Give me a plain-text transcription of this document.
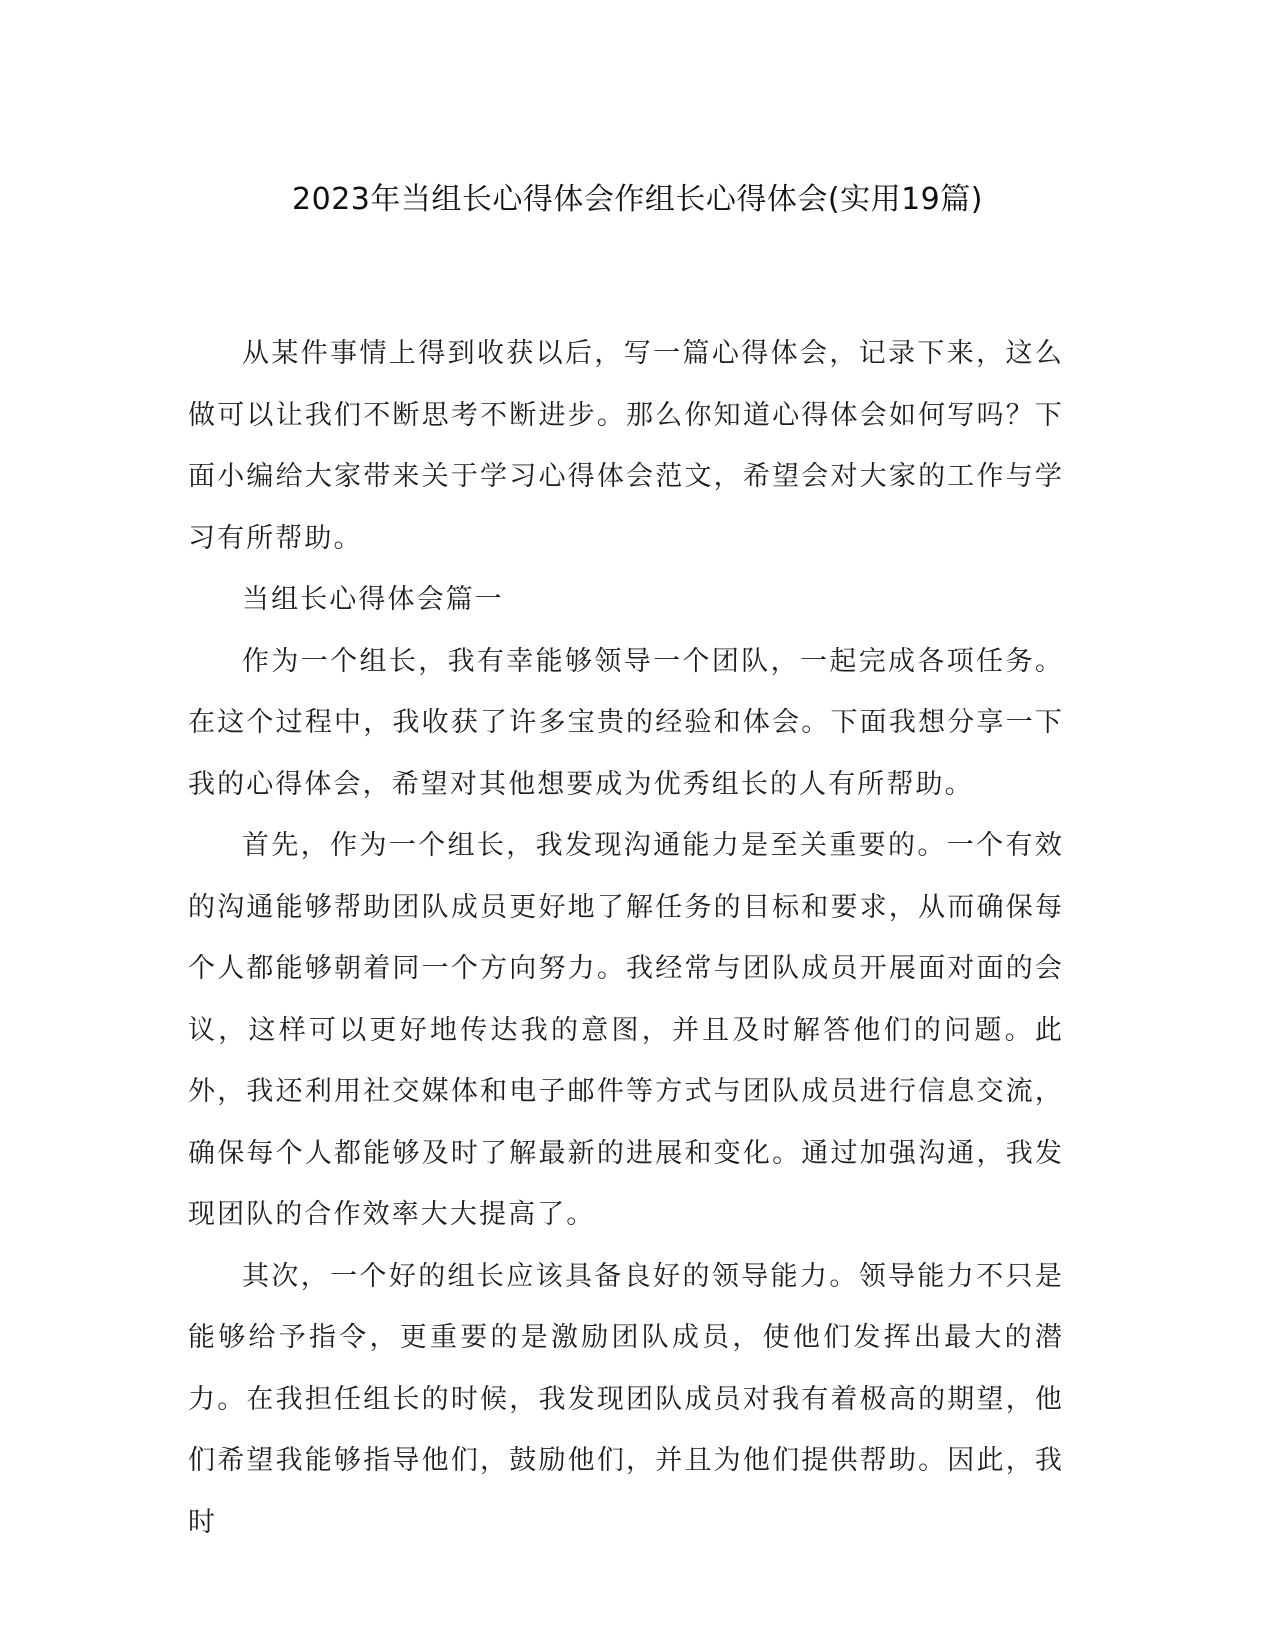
2023年当组长心得体会作组长心得体会(实用19篇)

从某件事情上得到收获以后，写一篇心得体会，记录下来，这么做可以让我们不断思考不断进步。那么你知道心得体会如何写吗？下面小编给大家带来关于学习心得体会范文，希望会对大家的工作与学习有所帮助。

当组长心得体会篇一

作为一个组长，我有幸能够领导一个团队，一起完成各项任务。在这个过程中，我收获了许多宝贵的经验和体会。下面我想分享一下我的心得体会，希望对其他想要成为优秀组长的人有所帮助。

首先，作为一个组长，我发现沟通能力是至关重要的。一个有效的沟通能够帮助团队成员更好地了解任务的目标和要求，从而确保每个人都能够朝着同一个方向努力。我经常与团队成员开展面对面的会议，这样可以更好地传达我的意图，并且及时解答他们的问题。此外，我还利用社交媒体和电子邮件等方式与团队成员进行信息交流，确保每个人都能够及时了解最新的进展和变化。通过加强沟通，我发现团队的合作效率大大提高了。

其次，一个好的组长应该具备良好的领导能力。领导能力不只是能够给予指令，更重要的是激励团队成员，使他们发挥出最大的潜力。在我担任组长的时候，我发现团队成员对我有着极高的期望，他们希望我能够指导他们，鼓励他们，并且为他们提供帮助。因此，我时
